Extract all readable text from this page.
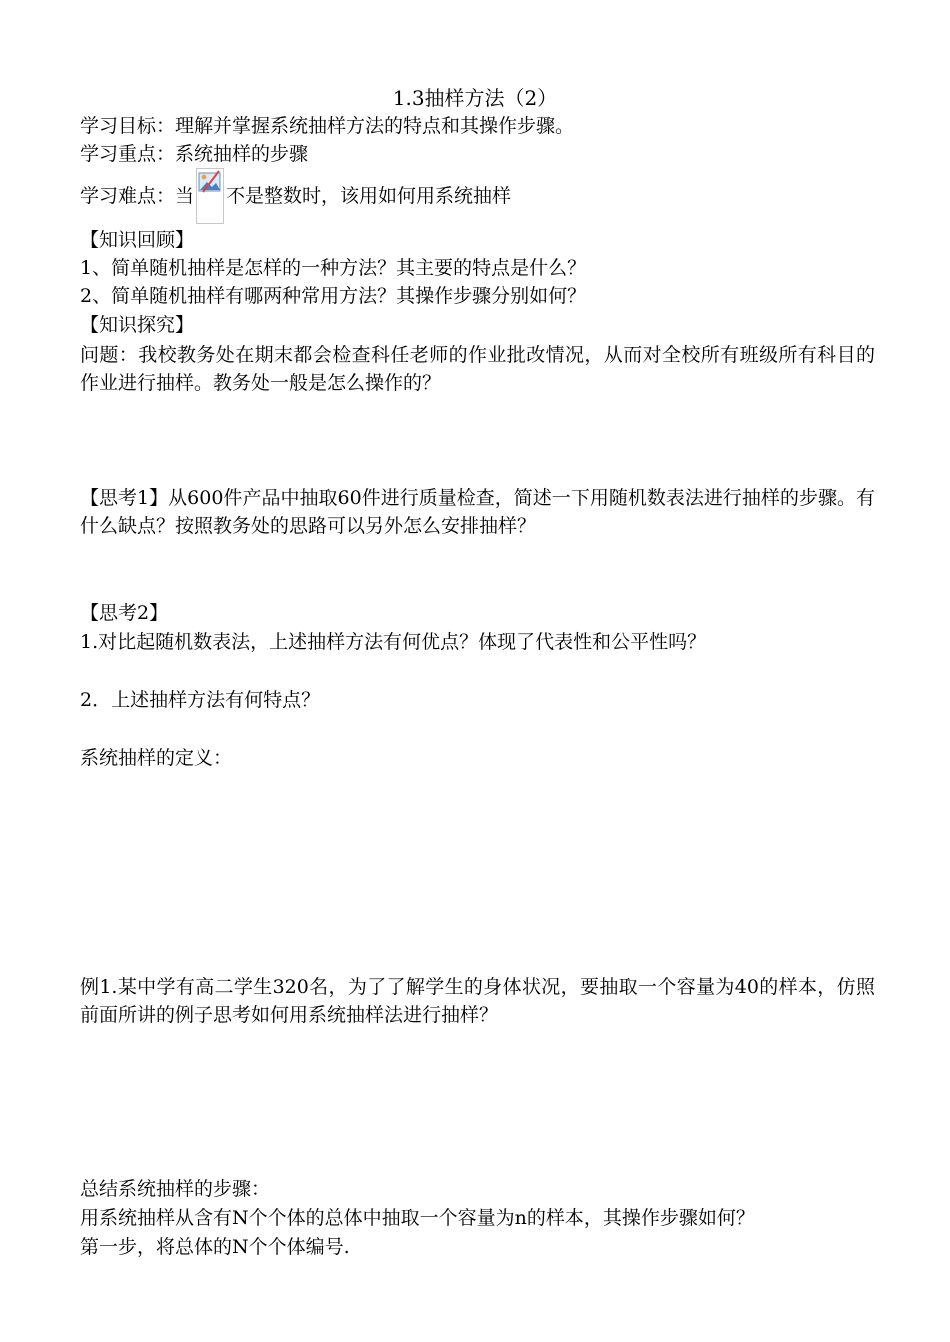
1.3抽样方法（2）
学习目标：理解并掌握系统抽样方法的特点和其操作步骤。
学习重点：系统抽样的步骤
学习难点：当 不是整数时，该用如何用系统抽样
【知识回顾】
1、简单随机抽样是怎样的一种方法？其主要的特点是什么？
2、简单随机抽样有哪两种常用方法？其操作步骤分别如何？
【知识探究】
问题：我校教务处在期末都会检查科任老师的作业批改情况，从而对全校所有班级所有科目的作业进行抽样。教务处一般是怎么操作的？
【思考1】从600件产品中抽取60件进行质量检查，简述一下用随机数表法进行抽样的步骤。有什么缺点？按照教务处的思路可以另外怎么安排抽样？
【思考2】
1.对比起随机数表法，上述抽样方法有何优点？体现了代表性和公平性吗？
2．上述抽样方法有何特点？
系统抽样的定义：
例1.某中学有高二学生320名，为了了解学生的身体状况，要抽取一个容量为40的样本，仿照前面所讲的例子思考如何用系统抽样法进行抽样？
总结系统抽样的步骤：
用系统抽样从含有N个个体的总体中抽取一个容量为n的样本，其操作步骤如何？
第一步，将总体的N个个体编号.
